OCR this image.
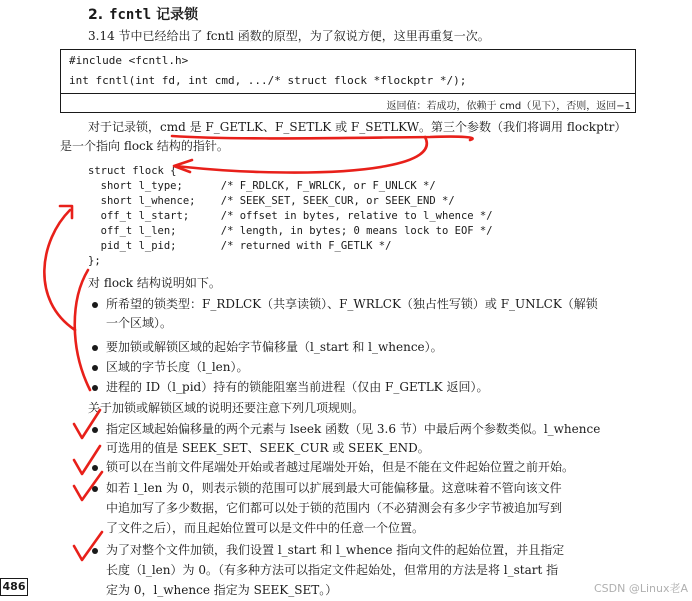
2. fcntl 记录锁
3.14 节中已经给出了 fcntl 函数的原型，为了叙说方便，这里再重复一次。
#include <fcntl.h>
int fcntl(int fd, int cmd, .../* struct flock *flockptr */);
返回值：若成功，依赖于 cmd（见下），否则，返回−1
对于记录锁，cmd 是 F_GETLK、F_SETLK 或 F_SETLKW。第三个参数（我们将调用 flockptr）
是一个指向 flock 结构的指针。
struct flock {
short l_type;      /* F_RDLCK, F_WRLCK, or F_UNLCK */
short l_whence;    /* SEEK_SET, SEEK_CUR, or SEEK_END */
off_t l_start;     /* offset in bytes, relative to l_whence */
off_t l_len;       /* length, in bytes; 0 means lock to EOF */
pid_t l_pid;       /* returned with F_GETLK */
};
对 flock 结构说明如下。
所希望的锁类型：F_RDLCK（共享读锁）、F_WRLCK（独占性写锁）或 F_UNLCK（解锁
一个区域）。
要加锁或解锁区域的起始字节偏移量（l_start 和 l_whence）。
区域的字节长度（l_len）。
进程的 ID（l_pid）持有的锁能阻塞当前进程（仅由 F_GETLK 返回）。
关于加锁或解锁区域的说明还要注意下列几项规则。
指定区域起始偏移量的两个元素与 lseek 函数（见 3.6 节）中最后两个参数类似。l_whence
可选用的值是 SEEK_SET、SEEK_CUR 或 SEEK_END。
锁可以在当前文件尾端处开始或者越过尾端处开始，但是不能在文件起始位置之前开始。
如若 l_len 为 0，则表示锁的范围可以扩展到最大可能偏移量。这意味着不管向该文件
中追加写了多少数据，它们都可以处于锁的范围内（不必猜测会有多少字节被追加写到
了文件之后），而且起始位置可以是文件中的任意一个位置。
为了对整个文件加锁，我们设置 l_start 和 l_whence 指向文件的起始位置，并且指定
长度（l_len）为 0。（有多种方法可以指定文件起始处，但常用的方法是将 l_start 指
定为 0，l_whence 指定为 SEEK_SET。）
486	CSDN @Linux老A
